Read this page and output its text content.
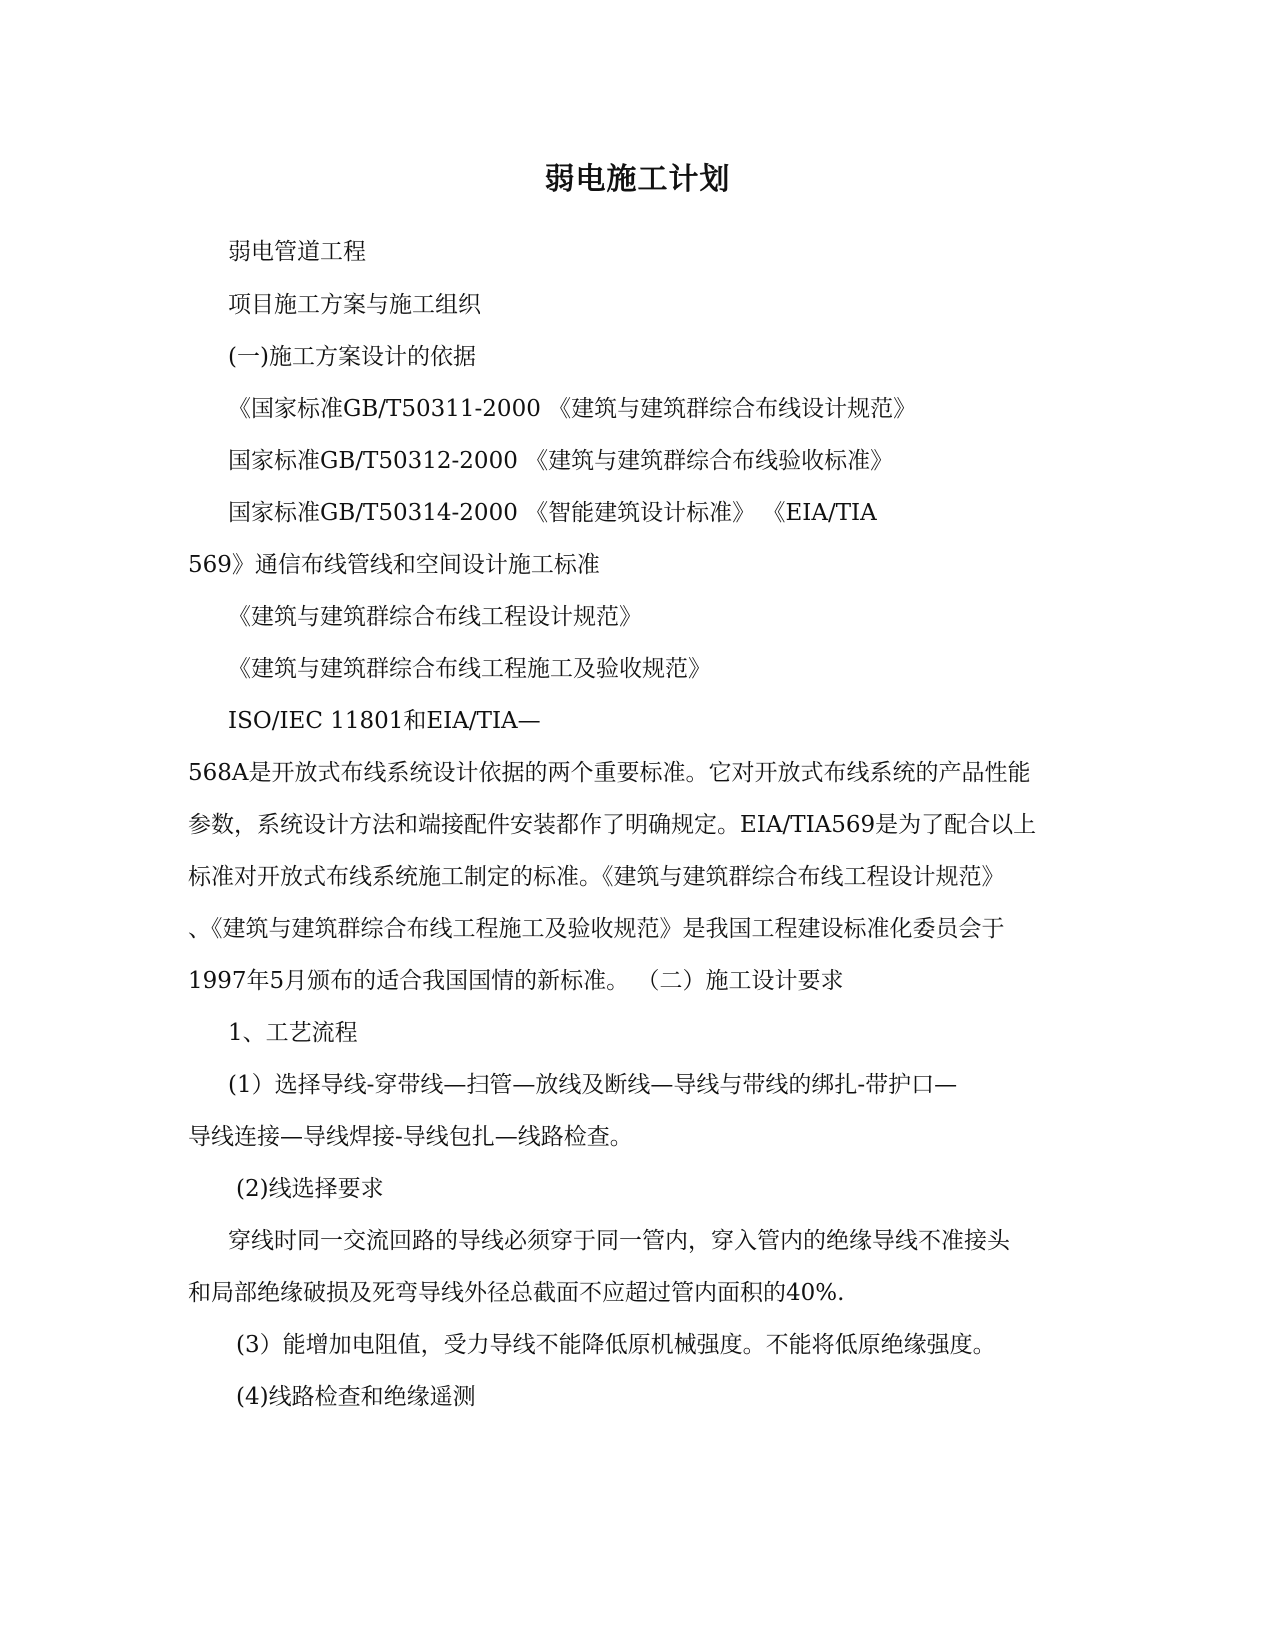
弱电施工计划
弱电管道工程
项目施工方案与施工组织
(一)施工方案设计的依据
《国家标准GB/T50311-2000 《建筑与建筑群综合布线设计规范》
国家标准GB/T50312-2000 《建筑与建筑群综合布线验收标准》
国家标准GB/T50314-2000 《智能建筑设计标准》 《EIA/TIA
569》通信布线管线和空间设计施工标准
《建筑与建筑群综合布线工程设计规范》
《建筑与建筑群综合布线工程施工及验收规范》
ISO/IEC 11801和EIA/TIA—
568A是开放式布线系统设计依据的两个重要标准。它对开放式布线系统的产品性能
参数，系统设计方法和端接配件安装都作了明确规定。EIA/TIA569是为了配合以上
标准对开放式布线系统施工制定的标准。《建筑与建筑群综合布线工程设计规范》
、《建筑与建筑群综合布线工程施工及验收规范》是我国工程建设标准化委员会于
1997年5月颁布的适合我国国情的新标准。 （二）施工设计要求
1、工艺流程
(1）选择导线-穿带线—扫管—放线及断线—导线与带线的绑扎-带护口—
导线连接—导线焊接-导线包扎—线路检查。
(2)线选择要求
穿线时同一交流回路的导线必须穿于同一管内，穿入管内的绝缘导线不准接头
和局部绝缘破损及死弯导线外径总截面不应超过管内面积的40%.
(3）能增加电阻值，受力导线不能降低原机械强度。不能将低原绝缘强度。
(4)线路检查和绝缘遥测
